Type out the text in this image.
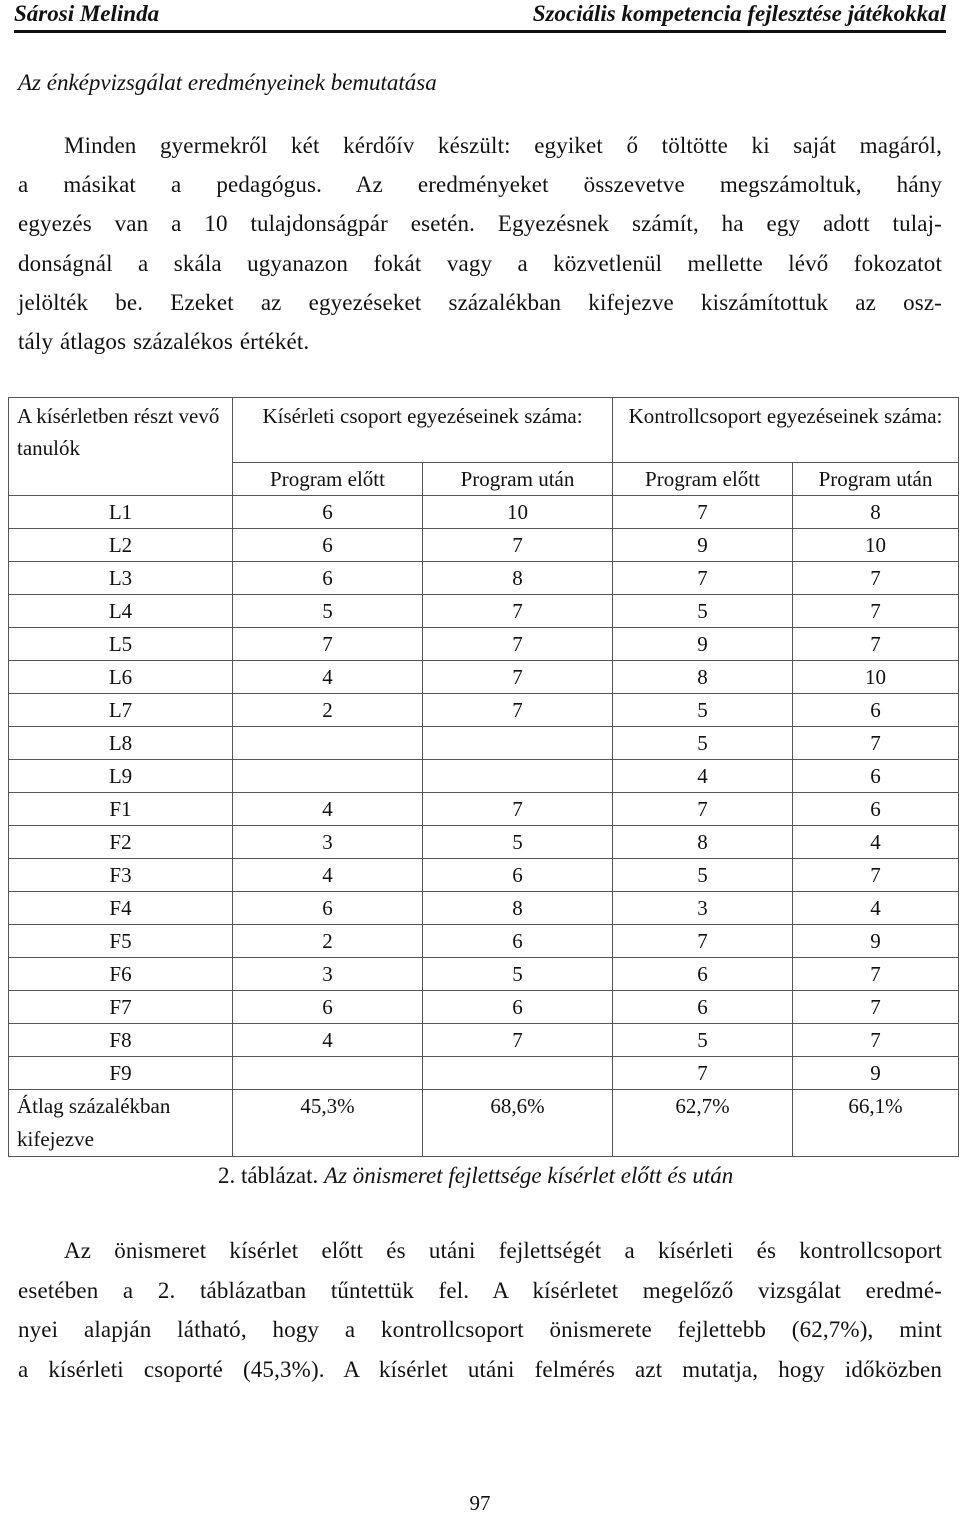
Sárosi Melinda	Szociális kompetencia fejlesztése játékokkal
Az énképvizsgálat eredményeinek bemutatása
Minden gyermekről két kérdőív készült: egyiket ő töltötte ki saját magáról,
a másikat a pedagógus. Az eredményeket összevetve megszámoltuk, hány
egyezés van a 10 tulajdonságpár esetén. Egyezésnek számít, ha egy adott tulaj-
donságnál a skála ugyanazon fokát vagy a közvetlenül mellette lévő fokozatot
jelölték be. Ezeket az egyezéseket százalékban kifejezve kiszámítottuk az osz-
tály átlagos százalékos értékét.
A kísérletben részt vevő tanulók	Kísérleti csoport egyezéseinek száma:		Kontrollcsoport egyezéseinek száma:	
	Program előtt	Program után	Program előtt	Program után
L1	6	10	7	8
L2	6	7	9	10
L3	6	8	7	7
L4	5	7	5	7
L5	7	7	9	7
L6	4	7	8	10
L7	2	7	5	6
L8			5	7
L9			4	6
F1	4	7	7	6
F2	3	5	8	4
F3	4	6	5	7
F4	6	8	3	4
F5	2	6	7	9
F6	3	5	6	7
F7	6	6	6	7
F8	4	7	5	7
F9			7	9
Átlag százalékban kifejezve	45,3%	68,6%	62,7%	66,1%
2. táblázat. Az önismeret fejlettsége kísérlet előtt és után
Az önismeret kísérlet előtt és utáni fejlettségét a kísérleti és kontrollcsoport
esetében a 2. táblázatban tűntettük fel. A kísérletet megelőző vizsgálat eredmé-
nyei alapján látható, hogy a kontrollcsoport önismerete fejlettebb (62,7%), mint
a kísérleti csoporté (45,3%). A kísérlet utáni felmérés azt mutatja, hogy időközben
97
